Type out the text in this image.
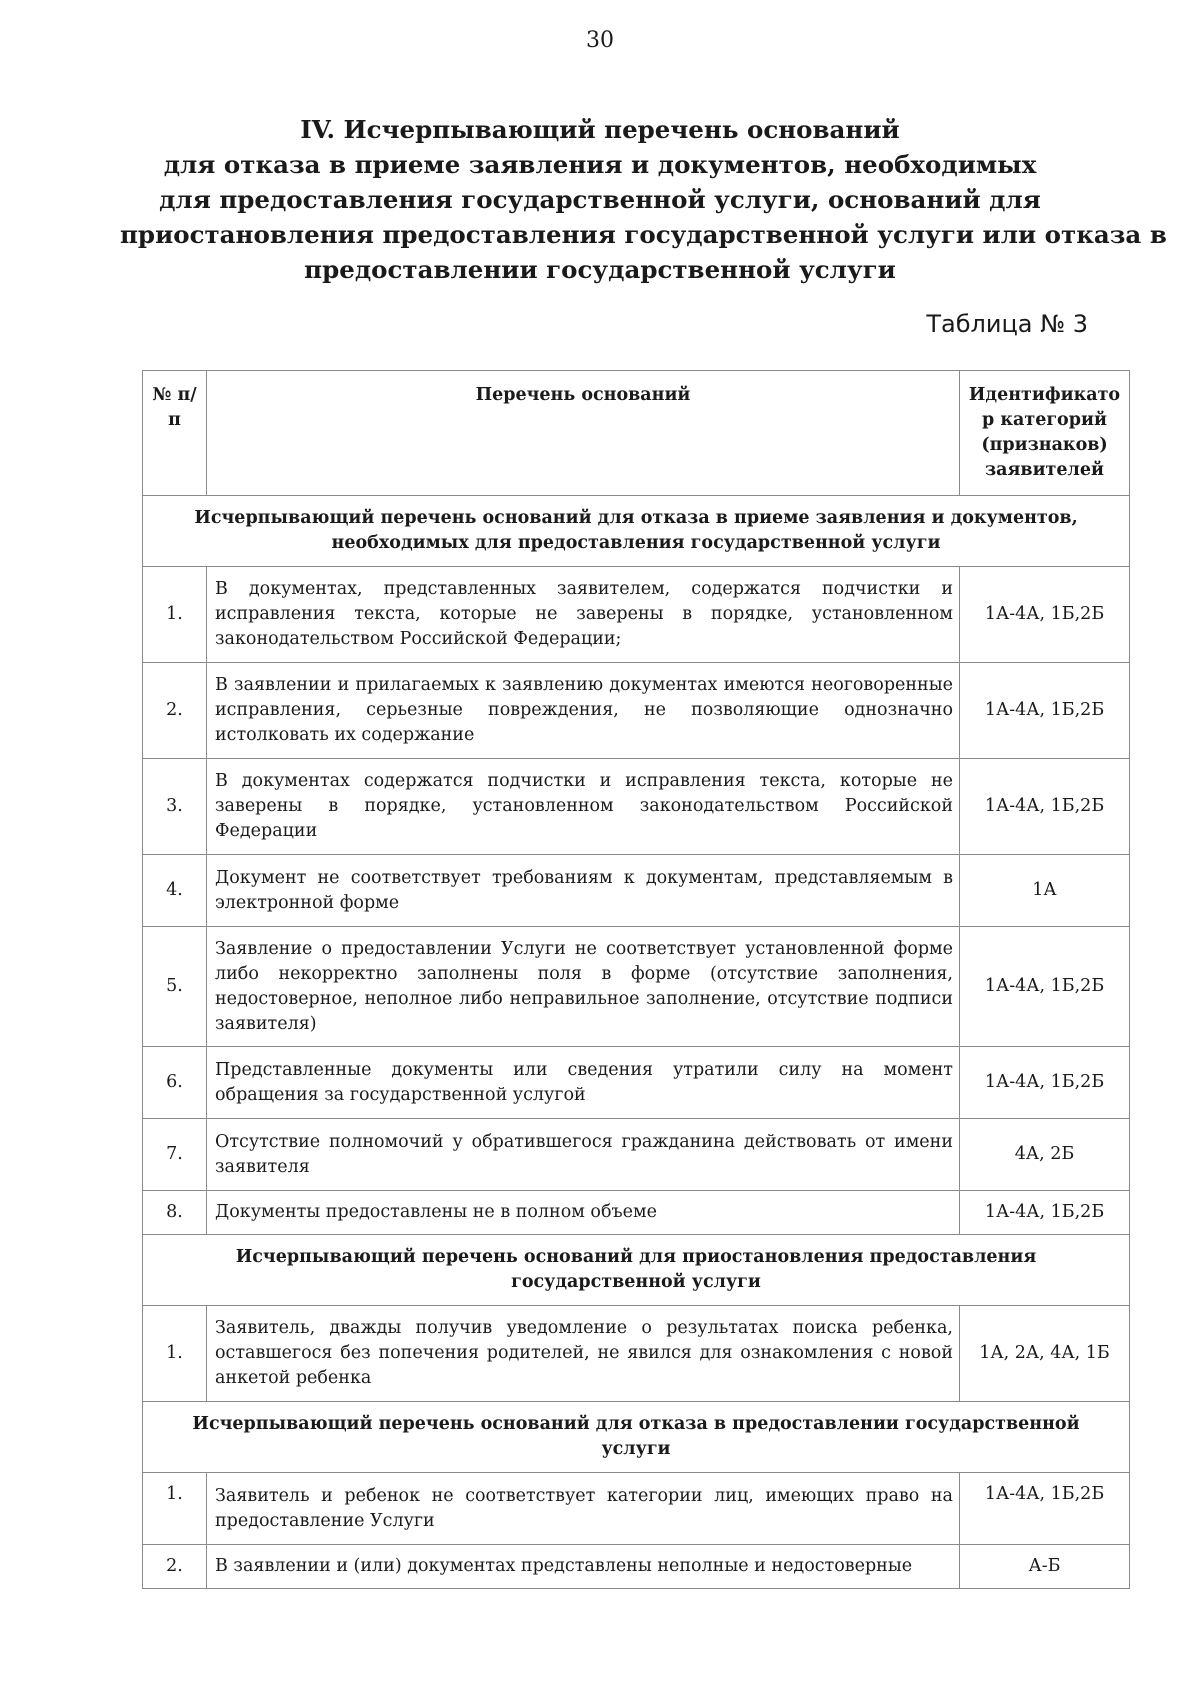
30
IV. Исчерпывающий перечень оснований
для отказа в приеме заявления и документов, необходимых
для предоставления государственной услуги, оснований для
приостановления предоставления государственной услуги или отказа в
предоставлении государственной услуги
Таблица № 3
№ п/п	Перечень оснований	Идентификато р категорий (признаков) заявителей
Исчерпывающий перечень оснований для отказа в приеме заявления и документов, необходимых для предоставления государственной услуги		
1.	В документах, представленных заявителем, содержатся подчистки и исправления текста, которые не заверены в порядке, установленном законодательством Российской Федерации;	1А-4А, 1Б,2Б
2.	В заявлении и прилагаемых к заявлению документах имеются неоговоренные исправления, серьезные повреждения, не позволяющие однозначно истолковать их содержание	1А-4А, 1Б,2Б
3.	В документах содержатся подчистки и исправления текста, которые не заверены в порядке, установленном законодательством Российской Федерации	1А-4А, 1Б,2Б
4.	Документ не соответствует требованиям к документам, представляемым в электронной форме	1А
5.	Заявление о предоставлении Услуги не соответствует установленной форме либо некорректно заполнены поля в форме (отсутствие заполнения, недостоверное, неполное либо неправильное заполнение, отсутствие подписи заявителя)	1А-4А, 1Б,2Б
6.	Представленные документы или сведения утратили силу на момент обращения за государственной услугой	1А-4А, 1Б,2Б
7.	Отсутствие полномочий у обратившегося гражданина действовать от имени заявителя	4А, 2Б
8.	Документы предоставлены не в полном объеме	1А-4А, 1Б,2Б
Исчерпывающий перечень оснований для приостановления предоставления государственной услуги		
1.	Заявитель, дважды получив уведомление о результатах поиска ребенка, оставшегося без попечения родителей, не явился для ознакомления с новой анкетой ребенка	1А, 2А, 4А, 1Б
Исчерпывающий перечень оснований для отказа в предоставлении государственной услуги		
1.	Заявитель и ребенок не соответствует категории лиц, имеющих право на предоставление Услуги	1А-4А, 1Б,2Б
2.	В заявлении и (или) документах представлены неполные и недостоверные	А-Б
